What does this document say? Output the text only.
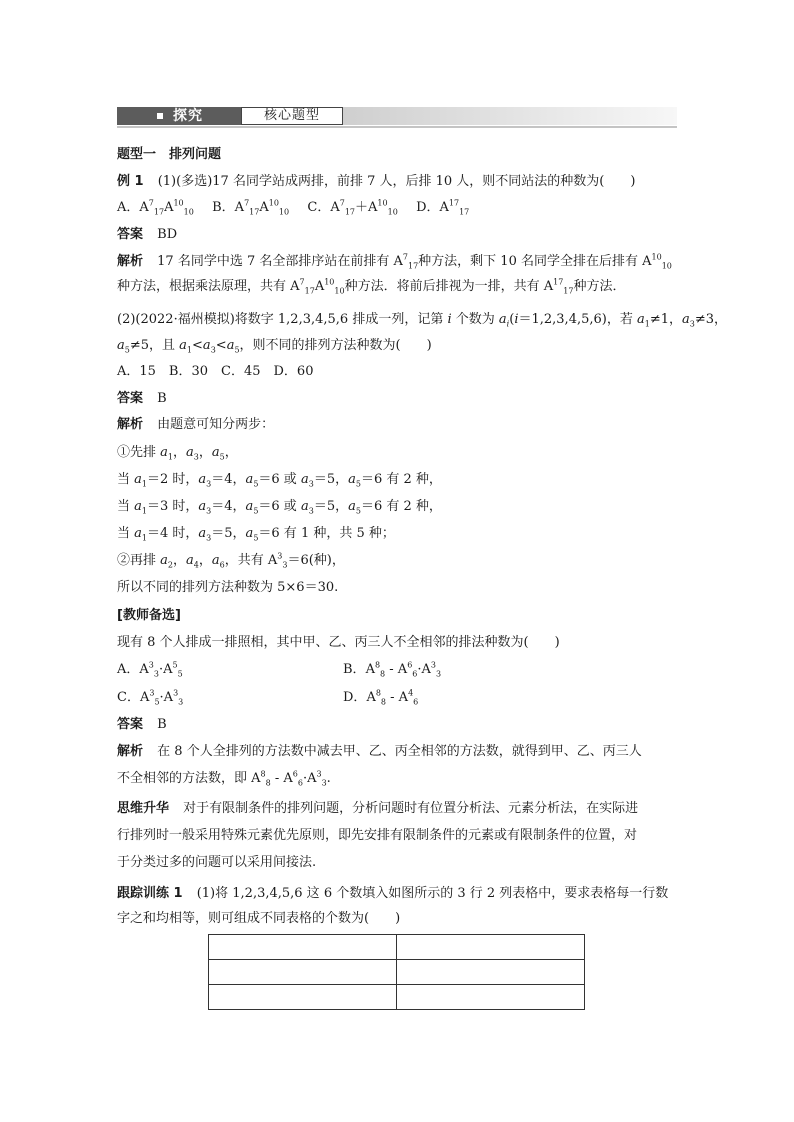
探究	核心题型
题型一　排列问题
例 1 (1)(多选)17 名同学站成两排，前排 7 人，后排 10 人，则不同站法的种数为(　　)
A．$A^7_{17}A^{10}_{10}$ B．$A^7_{17}A^{10}_{10}$ C．$A^7_{17}+A^{10}_{10}$ D．$A^{17}_{17}$
答案 BD
解析 17 名同学中选 7 名全部排序站在前排有 $A^7_{17}$种方法，剩下 10 名同学全排在后排有 $A^{10}_{10}$
种方法，根据乘法原理，共有 $A^7_{17}A^{10}_{10}$种方法．将前后排视为一排，共有 $A^{17}_{17}$种方法．
(2)(2022·福州模拟)将数字 1,2,3,4,5,6 排成一列，记第 i 个数为 $a_i(i=1,2,3,4,5,6)$，若 $a_1\ne 1$，$a_3\ne 3$，
$a_5\ne 5$，且 $a_1<a_3<a_5$，则不同的排列方法种数为(　　)
A．15　B．30　C．45　D．60
答案 B
解析 由题意可知分两步：
①先排 $a_1$，$a_3$，$a_5$，
当 $a_1=2$ 时，$a_3=4$，$a_5=6$ 或 $a_3=5$，$a_5=6$ 有 2 种，
当 $a_1=3$ 时，$a_3=4$，$a_5=6$ 或 $a_3=5$，$a_5=6$ 有 2 种，
当 $a_1=4$ 时，$a_3=5$，$a_5=6$ 有 1 种，共 5 种；
②再排 $a_2$，$a_4$，$a_6$，共有 $A^3_3=6$(种)，
所以不同的排列方法种数为 5×6＝30.
[教师备选]
现有 8 个人排成一排照相，其中甲、乙、丙三人不全相邻的排法种数为(　　)
A．$A^3_3\cdot A^5_5$	B．$A^8_8 - A^6_6\cdot A^3_3$
C．$A^3_5\cdot A^3_3$	D．$A^8_8 - A^4_6$
答案 B
解析 在 8 个人全排列的方法数中减去甲、乙、丙全相邻的方法数，就得到甲、乙、丙三人
不全相邻的方法数，即 $A^8_8 - A^6_6\cdot A^3_3$.
思维升华 对于有限制条件的排列问题，分析问题时有位置分析法、元素分析法，在实际进
行排列时一般采用特殊元素优先原则，即先安排有限制条件的元素或有限制条件的位置，对
于分类过多的问题可以采用间接法.
跟踪训练 1 (1)将 1,2,3,4,5,6 这 6 个数填入如图所示的 3 行 2 列表格中，要求表格每一行数
字之和均相等，则可组成不同表格的个数为(　　)
